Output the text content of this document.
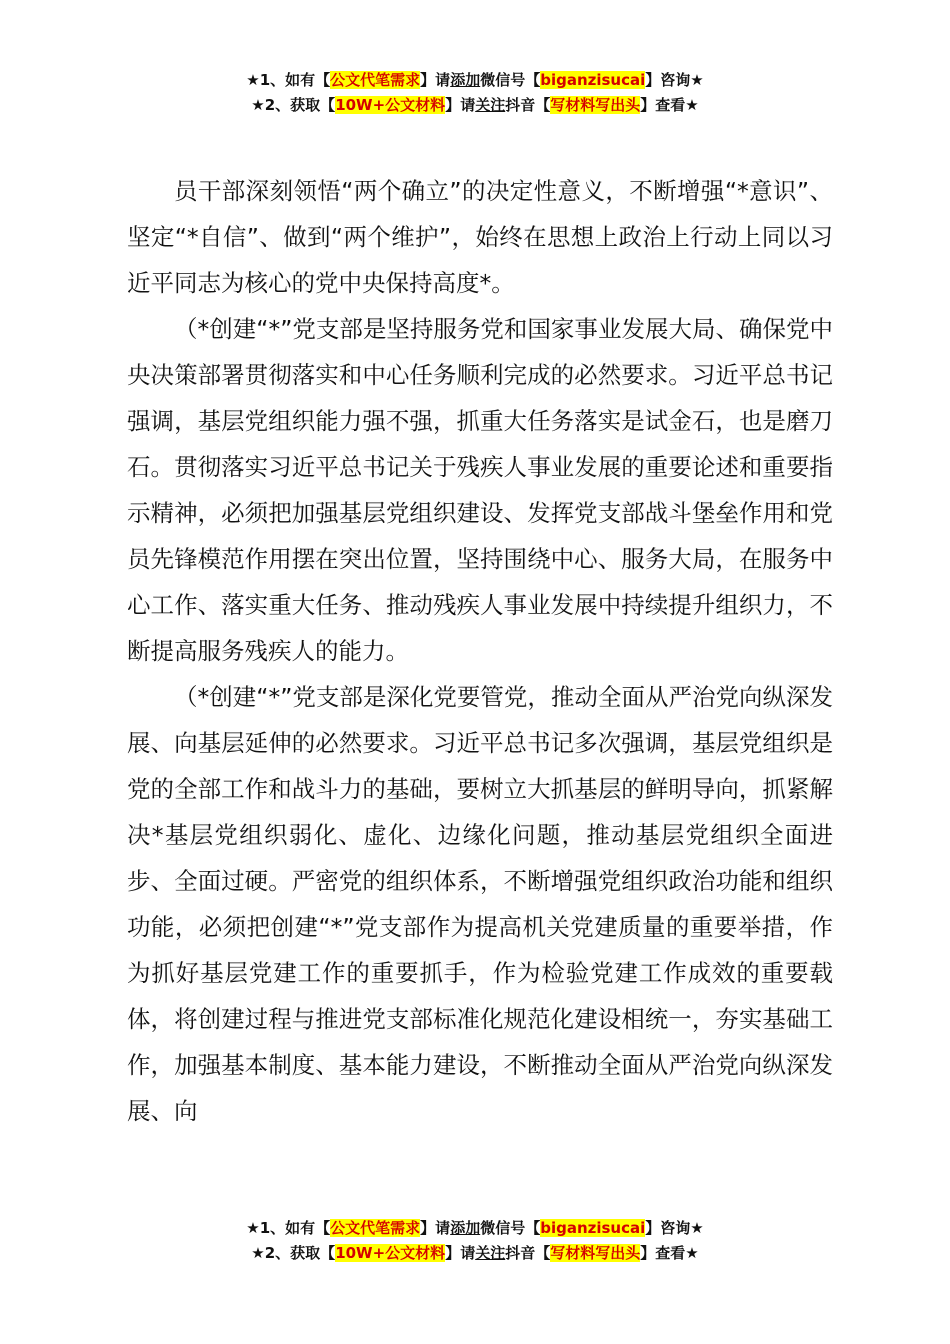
★1、如有【公文代笔需求】请添加微信号【biganzisucai】咨询★
★2、获取【10W+公文材料】请关注抖音【写材料写出头】查看★

员干部深刻领悟“两个确立”的决定性意义，不断增强“*意识”、坚定“*自信”、做到“两个维护”，始终在思想上政治上行动上同以习近平同志为核心的党中央保持高度*。

（*创建“*”党支部是坚持服务党和国家事业发展大局、确保党中央决策部署贯彻落实和中心任务顺利完成的必然要求。习近平总书记强调，基层党组织能力强不强，抓重大任务落实是试金石，也是磨刀石。贯彻落实习近平总书记关于残疾人事业发展的重要论述和重要指示精神，必须把加强基层党组织建设、发挥党支部战斗堡垒作用和党员先锋模范作用摆在突出位置，坚持围绕中心、服务大局，在服务中心工作、落实重大任务、推动残疾人事业发展中持续提升组织力，不断提高服务残疾人的能力。

（*创建“*”党支部是深化党要管党，推动全面从严治党向纵深发展、向基层延伸的必然要求。习近平总书记多次强调，基层党组织是党的全部工作和战斗力的基础，要树立大抓基层的鲜明导向，抓紧解决*基层党组织弱化、虚化、边缘化问题，推动基层党组织全面进步、全面过硬。严密党的组织体系，不断增强党组织政治功能和组织功能，必须把创建“*”党支部作为提高机关党建质量的重要举措，作为抓好基层党建工作的重要抓手，作为检验党建工作成效的重要载体，将创建过程与推进党支部标准化规范化建设相统一，夯实基础工作，加强基本制度、基本能力建设，不断推动全面从严治党向纵深发展、向

★1、如有【公文代笔需求】请添加微信号【biganzisucai】咨询★
★2、获取【10W+公文材料】请关注抖音【写材料写出头】查看★
